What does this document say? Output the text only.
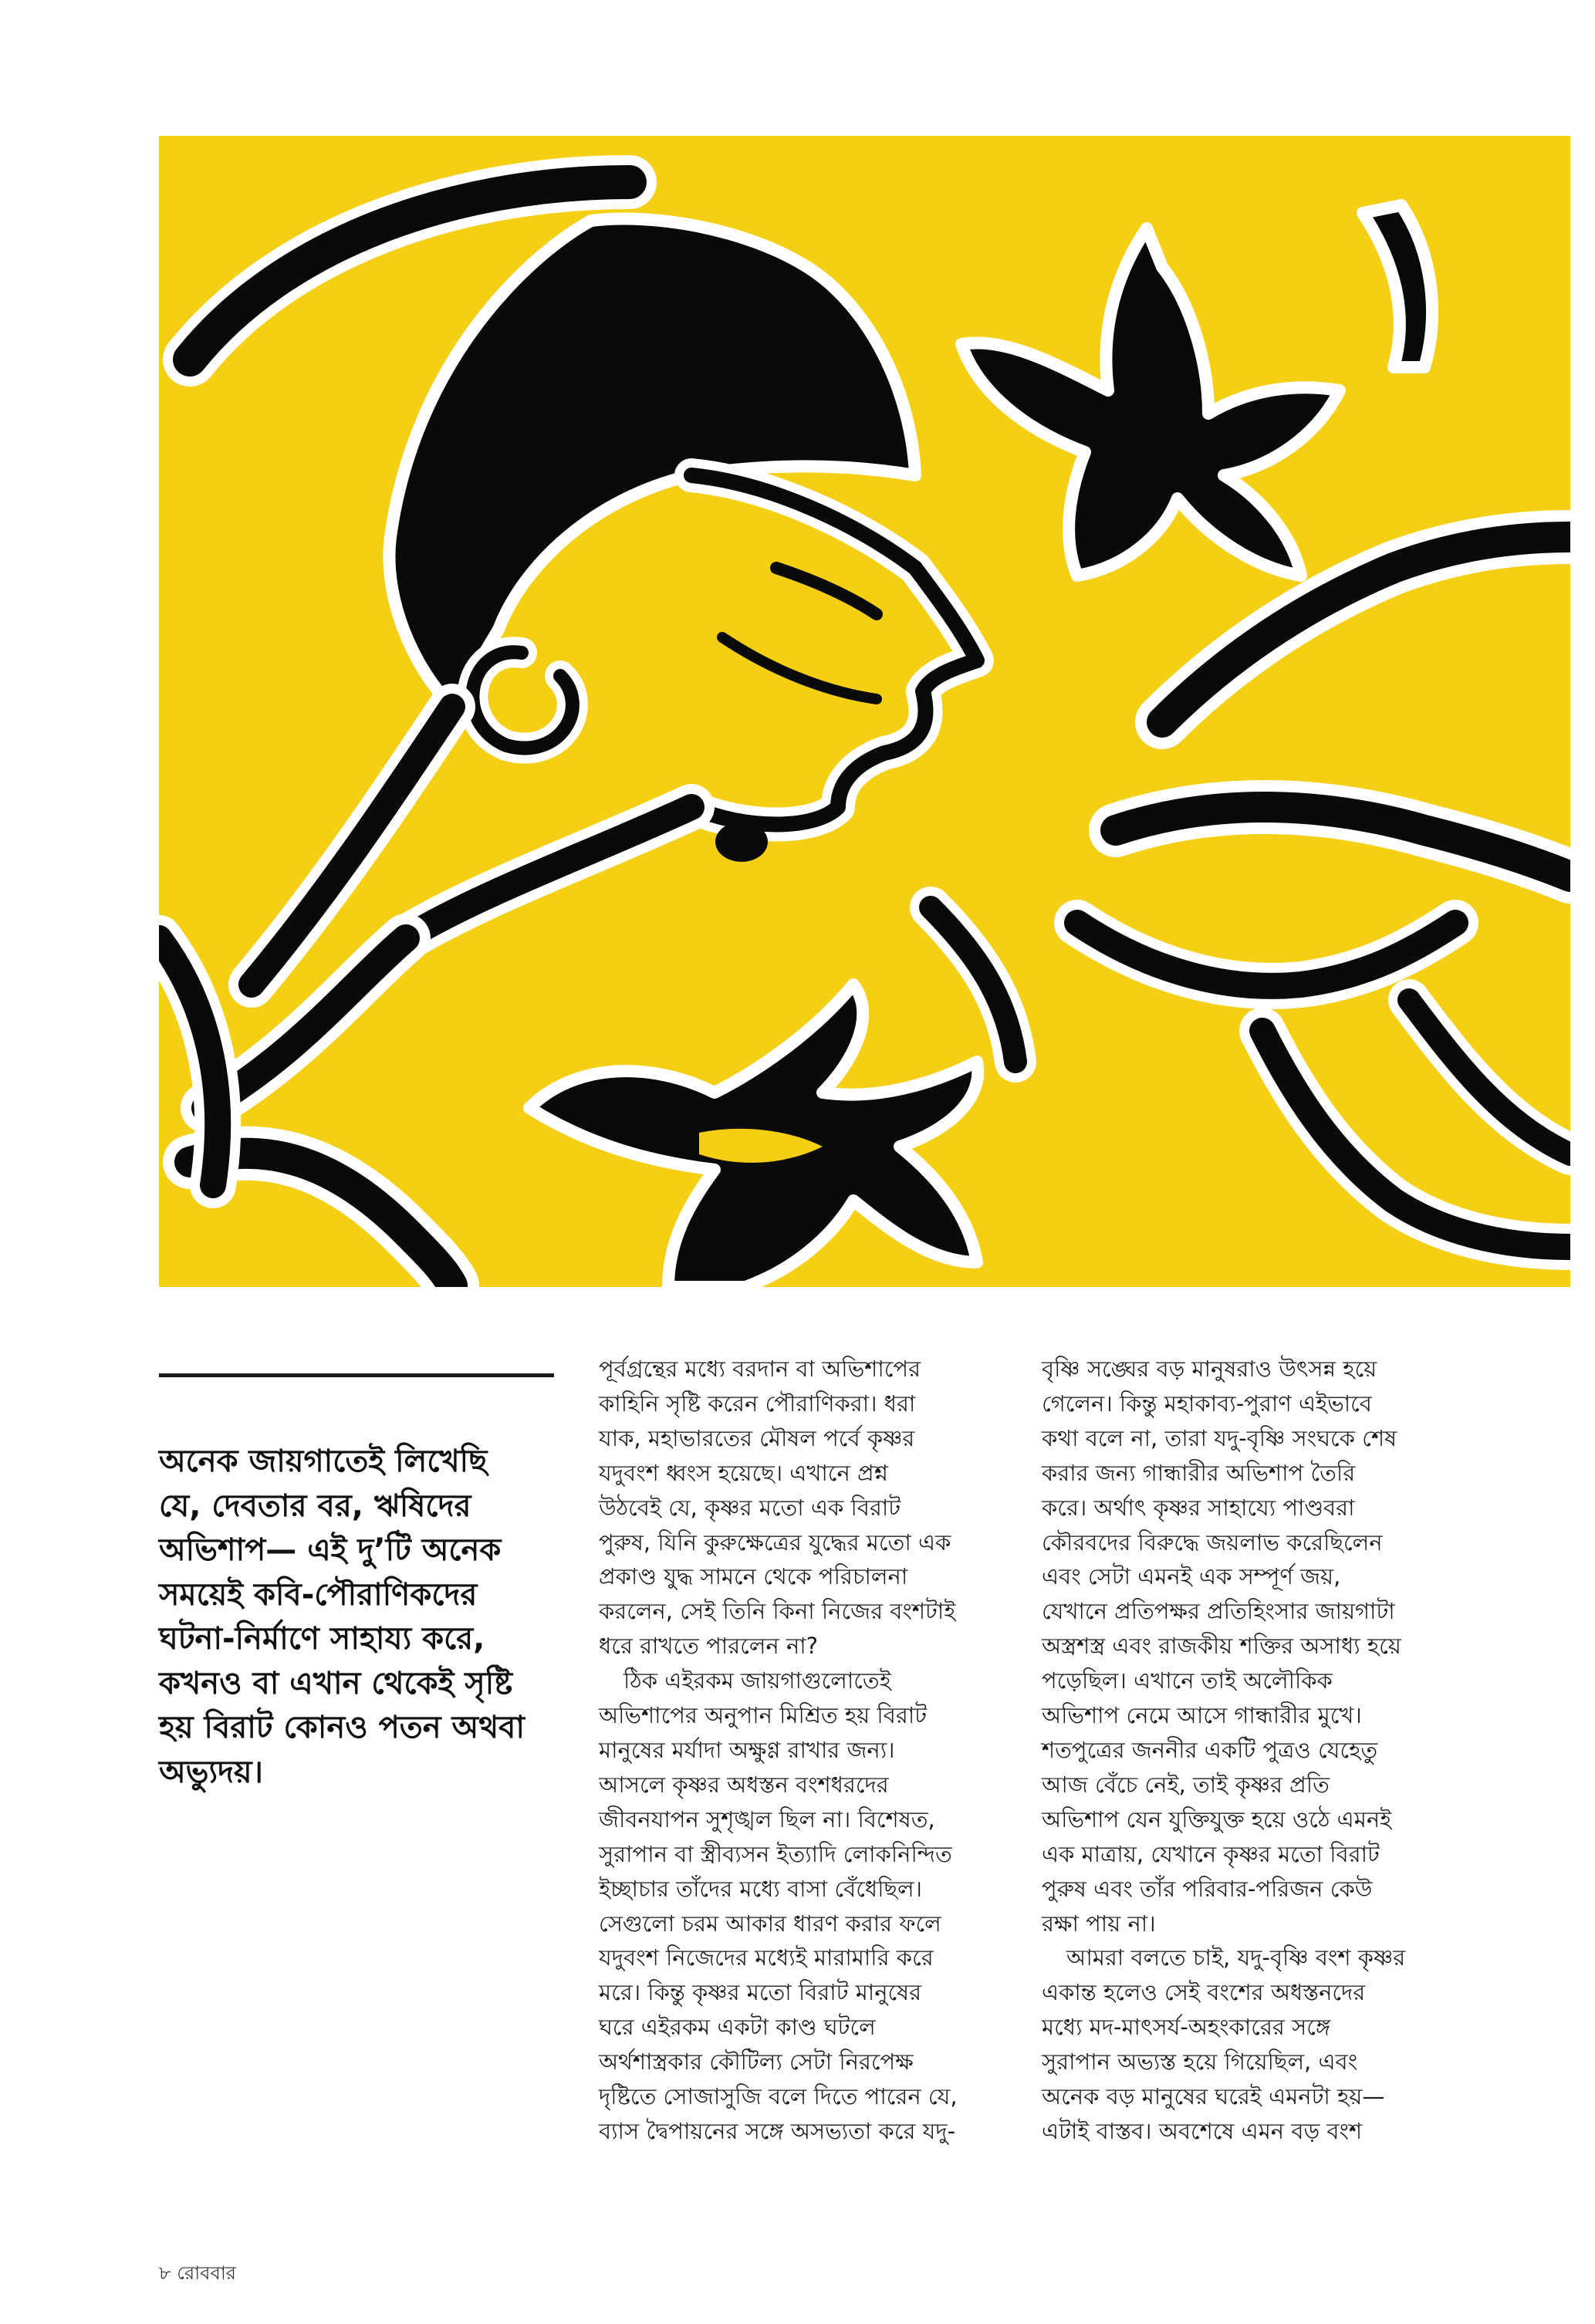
অনেক জায়গাতেই লিখেছি
যে, দেবতার বর, ঋষিদের
অভিশাপ— এই দু’টি অনেক
সময়েই কবি-পৌরাণিকদের
ঘটনা-নির্মাণে সাহায্য করে,
কখনও বা এখান থেকেই সৃষ্টি
হয় বিরাট কোনও পতন অথবা
অভ্যুদয়।

পূর্বগ্রন্থের মধ্যে বরদান বা অভিশাপের
কাহিনি সৃষ্টি করেন পৌরাণিকরা। ধরা
যাক, মহাভারতের মৌষল পর্বে কৃষ্ণর
যদুবংশ ধ্বংস হয়েছে। এখানে প্রশ্ন
উঠবেই যে, কৃষ্ণর মতো এক বিরাট
পুরুষ, যিনি কুরুক্ষেত্রের যুদ্ধের মতো এক
প্রকাণ্ড যুদ্ধ সামনে থেকে পরিচালনা
করলেন, সেই তিনি কিনা নিজের বংশটাই
ধরে রাখতে পারলেন না?
ঠিক এইরকম জায়গাগুলোতেই
অভিশাপের অনুপান মিশ্রিত হয় বিরাট
মানুষের মর্যাদা অক্ষুণ্ণ রাখার জন্য।
আসলে কৃষ্ণর অধস্তন বংশধরদের
জীবনযাপন সুশৃঙ্খল ছিল না। বিশেষত,
সুরাপান বা স্ত্রীব্যসন ইত্যাদি লোকনিন্দিত
ইচ্ছাচার তাঁদের মধ্যে বাসা বেঁধেছিল।
সেগুলো চরম আকার ধারণ করার ফলে
যদুবংশ নিজেদের মধ্যেই মারামারি করে
মরে। কিন্তু কৃষ্ণর মতো বিরাট মানুষের
ঘরে এইরকম একটা কাণ্ড ঘটলে
অর্থশাস্ত্রকার কৌটিল্য সেটা নিরপেক্ষ
দৃষ্টিতে সোজাসুজি বলে দিতে পারেন যে,
ব্যাস দ্বৈপায়নের সঙ্গে অসভ্যতা করে যদু-
বৃষ্ণি সঙ্ঘের বড় মানুষরাও উৎসন্ন হয়ে
গেলেন। কিন্তু মহাকাব্য-পুরাণ এইভাবে
কথা বলে না, তারা যদু-বৃষ্ণি সংঘকে শেষ
করার জন্য গান্ধারীর অভিশাপ তৈরি
করে। অর্থাৎ কৃষ্ণর সাহায্যে পাণ্ডবরা
কৌরবদের বিরুদ্ধে জয়লাভ করেছিলেন
এবং সেটা এমনই এক সম্পূর্ণ জয়,
যেখানে প্রতিপক্ষর প্রতিহিংসার জায়গাটা
অস্ত্রশস্ত্র এবং রাজকীয় শক্তির অসাধ্য হয়ে
পড়েছিল। এখানে তাই অলৌকিক
অভিশাপ নেমে আসে গান্ধারীর মুখে।
শতপুত্রের জননীর একটি পুত্রও যেহেতু
আজ বেঁচে নেই, তাই কৃষ্ণর প্রতি
অভিশাপ যেন যুক্তিযুক্ত হয়ে ওঠে এমনই
এক মাত্রায়, যেখানে কৃষ্ণর মতো বিরাট
পুরুষ এবং তাঁর পরিবার-পরিজন কেউ
রক্ষা পায় না।
আমরা বলতে চাই, যদু-বৃষ্ণি বংশ কৃষ্ণর
একান্ত হলেও সেই বংশের অধস্তনদের
মধ্যে মদ-মাৎসর্য-অহংকারের সঙ্গে
সুরাপান অভ্যস্ত হয়ে গিয়েছিল, এবং
অনেক বড় মানুষের ঘরেই এমনটা হয়—
এটাই বাস্তব। অবশেষে এমন বড় বংশ
৮ রোববার
